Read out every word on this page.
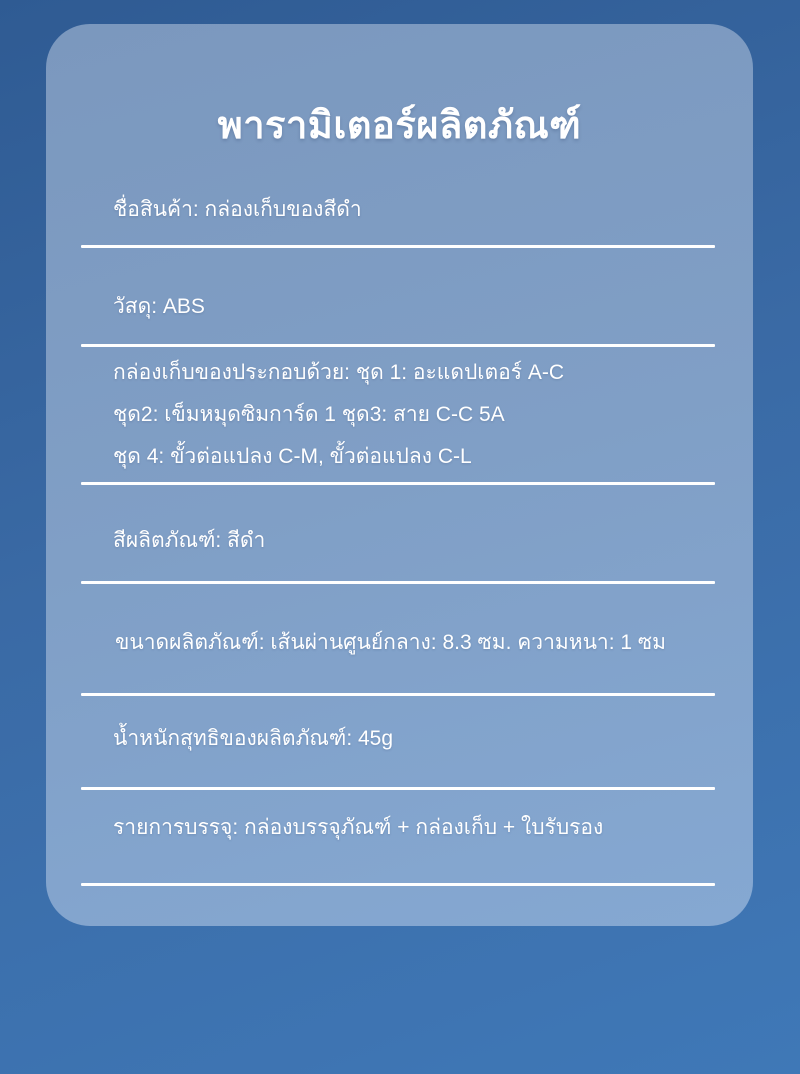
พารามิเตอร์ผลิตภัณฑ์
ชื่อสินค้า: กล่องเก็บของสีดำ
วัสดุ: ABS
กล่องเก็บของประกอบด้วย: ชุด 1: อะแดปเตอร์ A-C
ชุด2: เข็มหมุดซิมการ์ด 1 ชุด3: สาย C-C 5A
ชุด 4: ขั้วต่อแปลง C-M, ขั้วต่อแปลง C-L
สีผลิตภัณฑ์: สีดำ
ขนาดผลิตภัณฑ์: เส้นผ่านศูนย์กลาง: 8.3 ซม. ความหนา: 1 ซม
น้ำหนักสุทธิของผลิตภัณฑ์: 45g
รายการบรรจุ: กล่องบรรจุภัณฑ์ + กล่องเก็บ + ใบรับรอง
